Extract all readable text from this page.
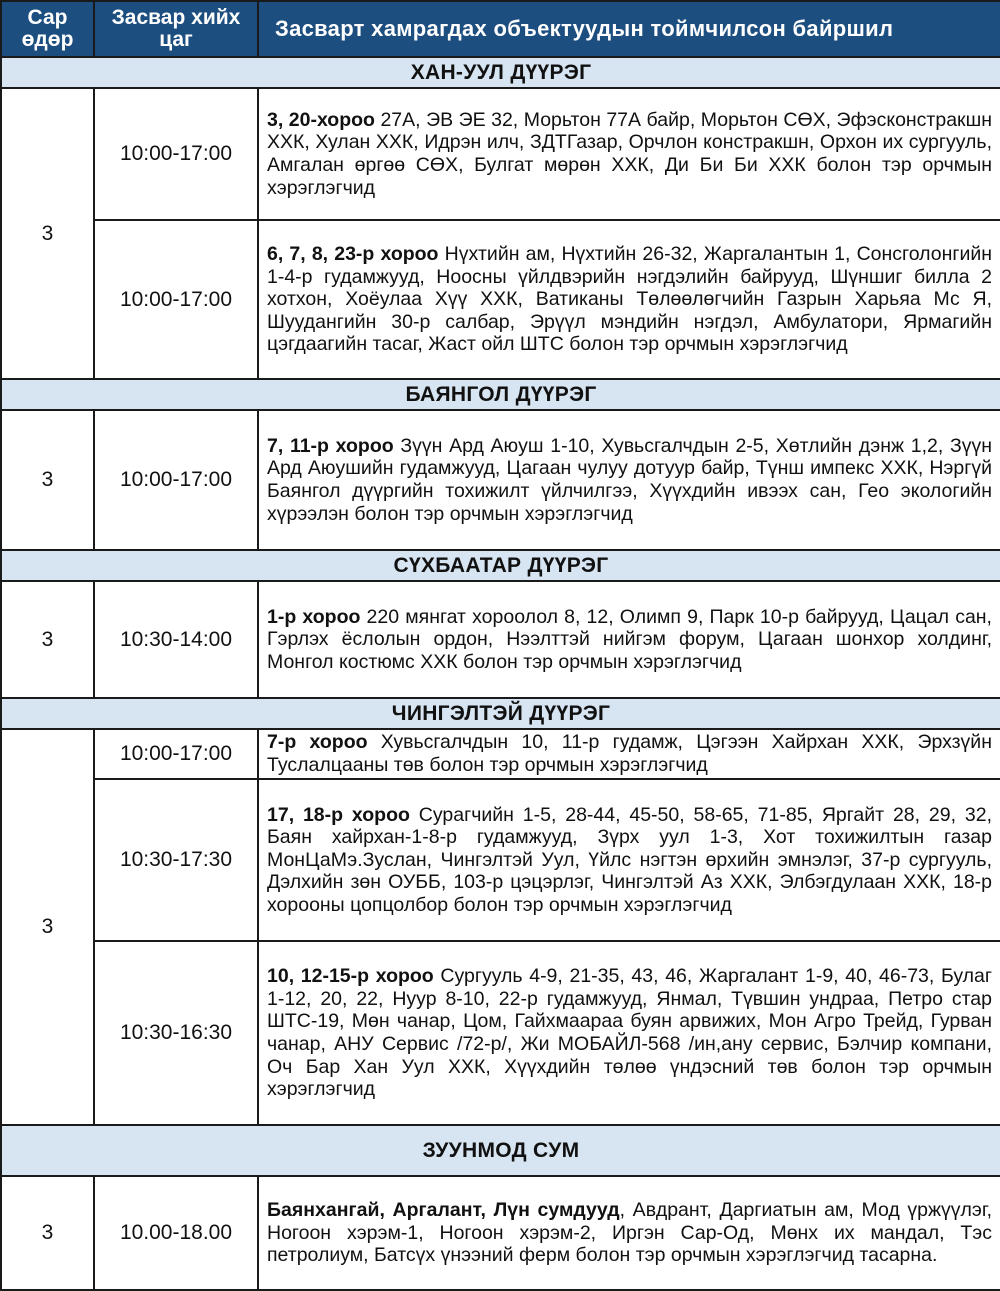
Сар өдөр	Засвар хийх цаг	Засварт хамрагдах объектуудын тоймчилсон байршил
ХАН-УУЛ ДҮҮРЭГ		
3	10:00-17:00	3, 20-хороо 27А, ЭВ ЭЕ 32, Морьтон 77А байр, Морьтон СӨХ, Эфэсконстракшн ХХК, Хулан ХХК, Идрэн илч, ЗДТГазар, Орчлон констракшн, Орхон их сургууль, Амгалан өргөө СӨХ, Булгат мөрөн ХХК, Ди Би Би ХХК болон тэр орчмын хэрэглэгчид
	10:00-17:00	6, 7, 8, 23-р хороо Нүхтийн ам, Нүхтийн 26-32, Жаргалантын 1, Сонсголонгийн 1-4-р гудамжууд, Ноосны үйлдвэрийн нэгдэлийн байрууд, Шүншиг билла 2 хотхон, Хоёулаа Хүү ХХК, Ватиканы Төлөөлөгчийн Газрын Харьяа Мс Я, Шуудангийн 30-р салбар, Эрүүл мэндийн нэгдэл, Амбулатори, Ярмагийн цэгдаагийн тасаг, Жаст ойл ШТС болон тэр орчмын хэрэглэгчид
БАЯНГОЛ ДҮҮРЭГ		
3	10:00-17:00	7, 11-р хороо Зүүн Ард Аюуш 1-10, Хувьсгалчдын 2-5, Хөтлийн дэнж 1,2, Зүүн Ард Аюушийн гудамжууд, Цагаан чулуу дотуур байр, Түнш импекс ХХК, Нэргүй Баянгол дүүргийн тохижилт үйлчилгээ, Хүүхдийн ивээх сан, Гео экологийн хүрээлэн болон тэр орчмын хэрэглэгчид
СҮХБААТАР ДҮҮРЭГ		
3	10:30-14:00	1-р хороо 220 мянгат хороолол 8, 12, Олимп 9, Парк 10-р байрууд, Цацал сан, Гэрлэх ёслолын ордон, Нээлттэй нийгэм форум, Цагаан шонхор холдинг, Монгол костюмс ХХК болон тэр орчмын хэрэглэгчид
ЧИНГЭЛТЭЙ ДҮҮРЭГ		
3	10:00-17:00	7-р хороо Хувьсгалчдын 10, 11-р гудамж, Цэгээн Хайрхан ХХК, Эрхзүйн Туслалцааны төв болон тэр орчмын хэрэглэгчид
	10:30-17:30	17, 18-р хороо Сурагчийн 1-5, 28-44, 45-50, 58-65, 71-85, Яргайт 28, 29, 32, Баян хайрхан-1-8-р гудамжууд, Зүрх уул 1-3, Хот тохижилтын газар МонЦаМэ.Зуслан, Чингэлтэй Уул, Үйлс нэгтэн өрхийн эмнэлэг, 37-р сургууль, Дэлхийн зөн ОУББ, 103-р цэцэрлэг, Чингэлтэй Аз ХХК, Элбэгдулаан ХХК, 18-р хорооны цопцолбор болон тэр орчмын хэрэглэгчид
	10:30-16:30	10, 12-15-р хороо Сургууль 4-9, 21-35, 43, 46, Жаргалант 1-9, 40, 46-73, Булаг 1-12, 20, 22, Нуур 8-10, 22-р гудамжууд, Янмал, Түвшин ундраа, Петро стар ШТС-19, Мөн чанар, Цом, Гайхмаараа буян арвижих, Мон Агро Трейд, Гурван чанар, АНУ Сервис /72-р/, Жи МОБАЙЛ-568 /ин,ану сервис, Бэлчир компани, Оч Бар Хан Уул ХХК, Хүүхдийн төлөө үндэсний төв болон тэр орчмын хэрэглэгчид
ЗУУНМОД СУМ		
3	10.00-18.00	Баянхангай, Аргалант, Лүн сумдууд, Авдрант, Даргиатын ам, Мод үржүүлэг, Ногоон хэрэм-1, Ногоон хэрэм-2, Иргэн Сар-Од, Мөнх их мандал, Тэс петролиум, Батсүх үнээний ферм болон тэр орчмын хэрэглэгчид тасарна.
